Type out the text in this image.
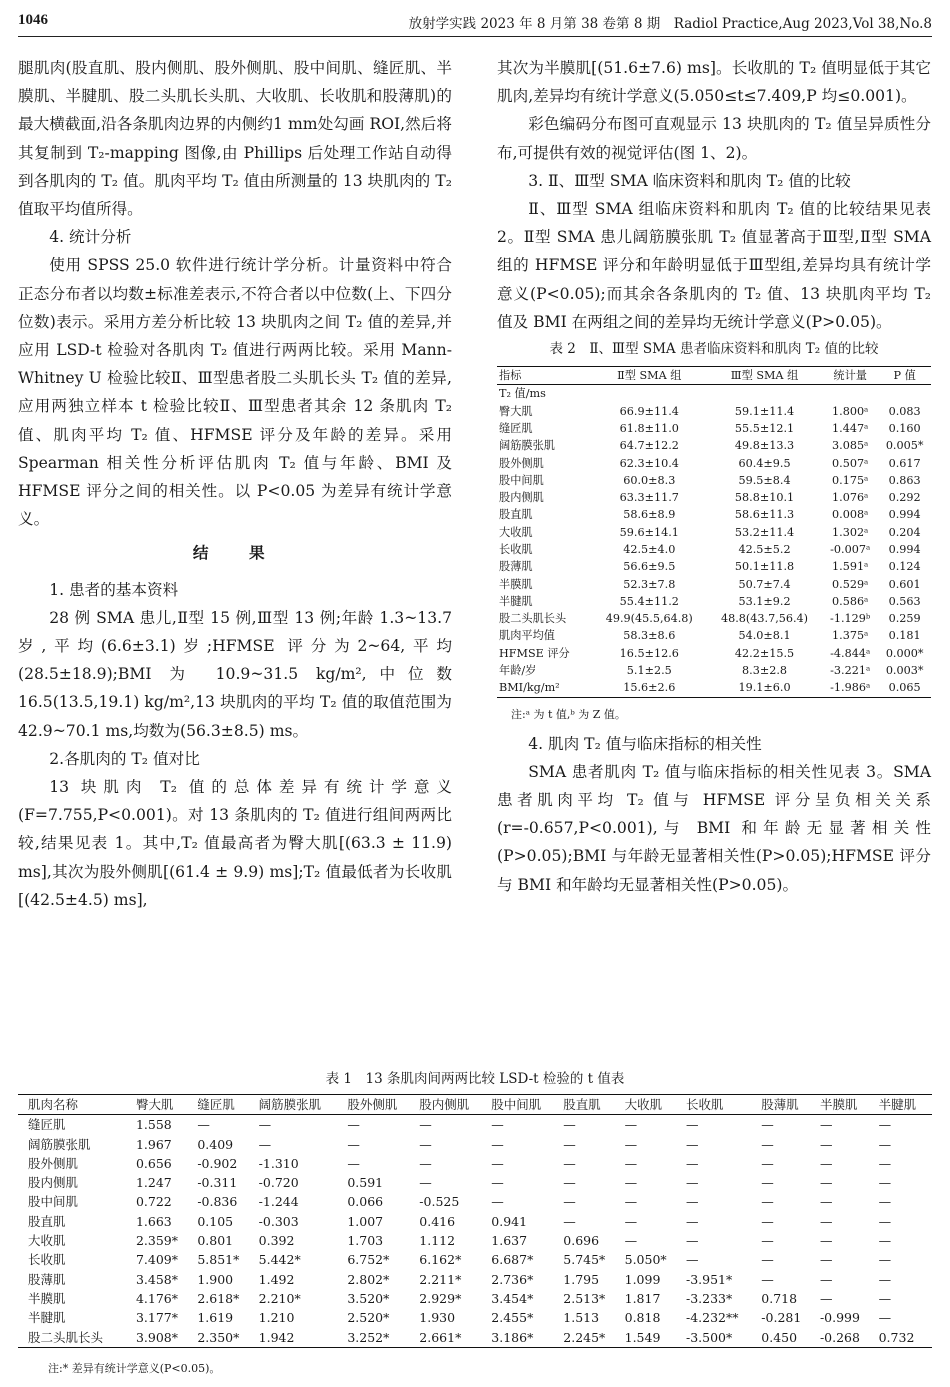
1046	放射学实践 2023 年 8 月第 38 卷第 8 期　Radiol Practice,Aug 2023,Vol 38,No.8

腿肌肉(股直肌、股内侧肌、股外侧肌、股中间肌、缝匠肌、半膜肌、半腱肌、股二头肌长头肌、大收肌、长收肌和股薄肌)的最大横截面,沿各条肌肉边界的内侧约1 mm处勾画 ROI,然后将其复制到 T₂-mapping 图像,由 Phillips 后处理工作站自动得到各肌肉的 T₂ 值。肌肉平均 T₂ 值由所测量的 13 块肌肉的 T₂ 值取平均值所得。

4. 统计分析

使用 SPSS 25.0 软件进行统计学分析。计量资料中符合正态分布者以均数±标准差表示,不符合者以中位数(上、下四分位数)表示。采用方差分析比较 13 块肌肉之间 T₂ 值的差异,并应用 LSD-t 检验对各肌肉 T₂ 值进行两两比较。采用 Mann-Whitney U 检验比较Ⅱ、Ⅲ型患者股二头肌长头 T₂ 值的差异,应用两独立样本 t 检验比较Ⅱ、Ⅲ型患者其余 12 条肌肉 T₂ 值、肌肉平均 T₂ 值、HFMSE 评分及年龄的差异。采用 Spearman 相关性分析评估肌肉 T₂ 值与年龄、BMI 及 HFMSE 评分之间的相关性。以 P<0.05 为差异有统计学意义。

结　果
1. 患者的基本资料

28 例 SMA 患儿,Ⅱ型 15 例,Ⅲ型 13 例;年龄 1.3~13.7 岁,平均(6.6±3.1)岁;HFMSE 评分为2~64,平均(28.5±18.9);BMI 为 10.9~31.5 kg/m²,中位数 16.5(13.5,19.1) kg/m²,13 块肌肉的平均 T₂ 值的取值范围为 42.9~70.1 ms,均数为(56.3±8.5) ms。

2.各肌肉的 T₂ 值对比

13 块肌肉 T₂ 值的总体差异有统计学意义(F=7.755,P<0.001)。对 13 条肌肉的 T₂ 值进行组间两两比较,结果见表 1。其中,T₂ 值最高者为臀大肌[(63.3 ± 11.9) ms],其次为股外侧肌[(61.4 ± 9.9) ms];T₂ 值最低者为长收肌[(42.5±4.5) ms],

其次为半膜肌[(51.6±7.6) ms]。长收肌的 T₂ 值明显低于其它肌肉,差异均有统计学意义(5.050≤t≤7.409,P 均≤0.001)。

彩色编码分布图可直观显示 13 块肌肉的 T₂ 值呈异质性分布,可提供有效的视觉评估(图 1、2)。

3. Ⅱ、Ⅲ型 SMA 临床资料和肌肉 T₂ 值的比较

Ⅱ、Ⅲ型 SMA 组临床资料和肌肉 T₂ 值的比较结果见表 2。Ⅱ型 SMA 患儿阔筋膜张肌 T₂ 值显著高于Ⅲ型,Ⅱ型 SMA 组的 HFMSE 评分和年龄明显低于Ⅲ型组,差异均具有统计学意义(P<0.05);而其余各条肌肉的 T₂ 值、13 块肌肉平均 T₂ 值及 BMI 在两组之间的差异均无统计学意义(P>0.05)。

表 2　Ⅱ、Ⅲ型 SMA 患者临床资料和肌肉 T₂ 值的比较
指标	Ⅱ型 SMA 组	Ⅲ型 SMA 组	统计量	P 值
T₂ 值/ms				
臀大肌	66.9±11.4	59.1±11.4	1.800ᵃ	0.083
缝匠肌	61.8±11.0	55.5±12.1	1.447ᵃ	0.160
阔筋膜张肌	64.7±12.2	49.8±13.3	3.085ᵃ	0.005*
股外侧肌	62.3±10.4	60.4±9.5	0.507ᵃ	0.617
股中间肌	60.0±8.3	59.5±8.4	0.175ᵃ	0.863
股内侧肌	63.3±11.7	58.8±10.1	1.076ᵃ	0.292
股直肌	58.6±8.9	58.6±11.3	0.008ᵃ	0.994
大收肌	59.6±14.1	53.2±11.4	1.302ᵃ	0.204
长收肌	42.5±4.0	42.5±5.2	-0.007ᵃ	0.994
股薄肌	56.6±9.5	50.1±11.8	1.591ᵃ	0.124
半膜肌	52.3±7.8	50.7±7.4	0.529ᵃ	0.601
半腱肌	55.4±11.2	53.1±9.2	0.586ᵃ	0.563
股二头肌长头	49.9(45.5,64.8)	48.8(43.7,56.4)	-1.129ᵇ	0.259
肌肉平均值	58.3±8.6	54.0±8.1	1.375ᵃ	0.181
HFMSE 评分	16.5±12.6	42.2±15.5	-4.844ᵃ	0.000*
年龄/岁	5.1±2.5	8.3±2.8	-3.221ᵃ	0.003*
BMI/kg/m²	15.6±2.6	19.1±6.0	-1.986ᵃ	0.065
注:ᵃ 为 t 值,ᵇ 为 Z 值。
4. 肌肉 T₂ 值与临床指标的相关性

SMA 患者肌肉 T₂ 值与临床指标的相关性见表 3。SMA 患者肌肉平均 T₂ 值与 HFMSE 评分呈负相关关系(r=-0.657,P<0.001),与 BMI 和年龄无显著相关性(P>0.05);BMI 与年龄无显著相关性(P>0.05);HFMSE 评分与 BMI 和年龄均无显著相关性(P>0.05)。

表 1　13 条肌肉间两两比较 LSD-t 检验的 t 值表
肌肉名称	臀大肌	缝匠肌	阔筋膜张肌	股外侧肌	股内侧肌	股中间肌	股直肌	大收肌	长收肌	股薄肌	半膜肌	半腱肌
缝匠肌	1.558	—	—	—	—	—	—	—	—	—	—	—
阔筋膜张肌	1.967	0.409	—	—	—	—	—	—	—	—	—	—
股外侧肌	0.656	-0.902	-1.310	—	—	—	—	—	—	—	—	—
股内侧肌	1.247	-0.311	-0.720	0.591	—	—	—	—	—	—	—	—
股中间肌	0.722	-0.836	-1.244	0.066	-0.525	—	—	—	—	—	—	—
股直肌	1.663	0.105	-0.303	1.007	0.416	0.941	—	—	—	—	—	—
大收肌	2.359*	0.801	0.392	1.703	1.112	1.637	0.696	—	—	—	—	—
长收肌	7.409*	5.851*	5.442*	6.752*	6.162*	6.687*	5.745*	5.050*	—	—	—	—
股薄肌	3.458*	1.900	1.492	2.802*	2.211*	2.736*	1.795	1.099	-3.951*	—	—	—
半膜肌	4.176*	2.618*	2.210*	3.520*	2.929*	3.454*	2.513*	1.817	-3.233*	0.718	—	—
半腱肌	3.177*	1.619	1.210	2.520*	1.930	2.455*	1.513	0.818	-4.232**	-0.281	-0.999	—
股二头肌长头	3.908*	2.350*	1.942	3.252*	2.661*	3.186*	2.245*	1.549	-3.500*	0.450	-0.268	0.732
注:* 差异有统计学意义(P<0.05)。
